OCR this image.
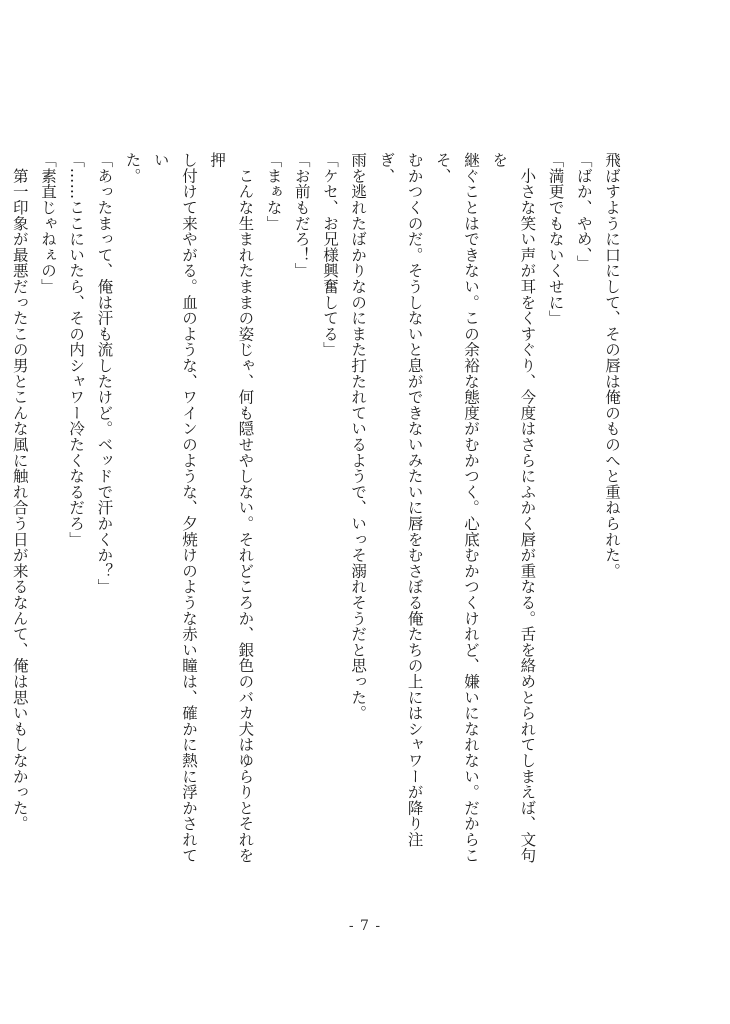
飛ばすように口にして、その唇は俺のものへと重ねられた。
「ばか、やめ、」
「満更でもないくせに」
　小さな笑い声が耳をくすぐり、今度はさらにふかく唇が重なる。舌を絡めとられてしまえば、文句を
継ぐことはできない。この余裕な態度がむかつく。心底むかつくけれど、嫌いになれない。だからこそ、
むかつくのだ。そうしないと息ができないみたいに唇をむさぼる俺たちの上にはシャワーが降り注ぎ、
雨を逃れたばかりなのにまた打たれているようで、いっそ溺れそうだと思った。
「ケセ、お兄様興奮してる」
「お前もだろ！」
「まぁな」
　こんな生まれたままの姿じゃ、何も隠せやしない。それどころか、銀色のバカ犬はゆらりとそれを押
し付けて来やがる。血のような、ワインのような、夕焼けのような赤い瞳は、確かに熱に浮かされてい
た。
「あったまって、俺は汗も流したけど。ベッドで汗かくか？」
「……ここにいたら、その内シャワー冷たくなるだろ」
「素直じゃねぇの」
　第一印象が最悪だったこの男とこんな風に触れ合う日が来るなんて、俺は思いもしなかった。
- 7 -
